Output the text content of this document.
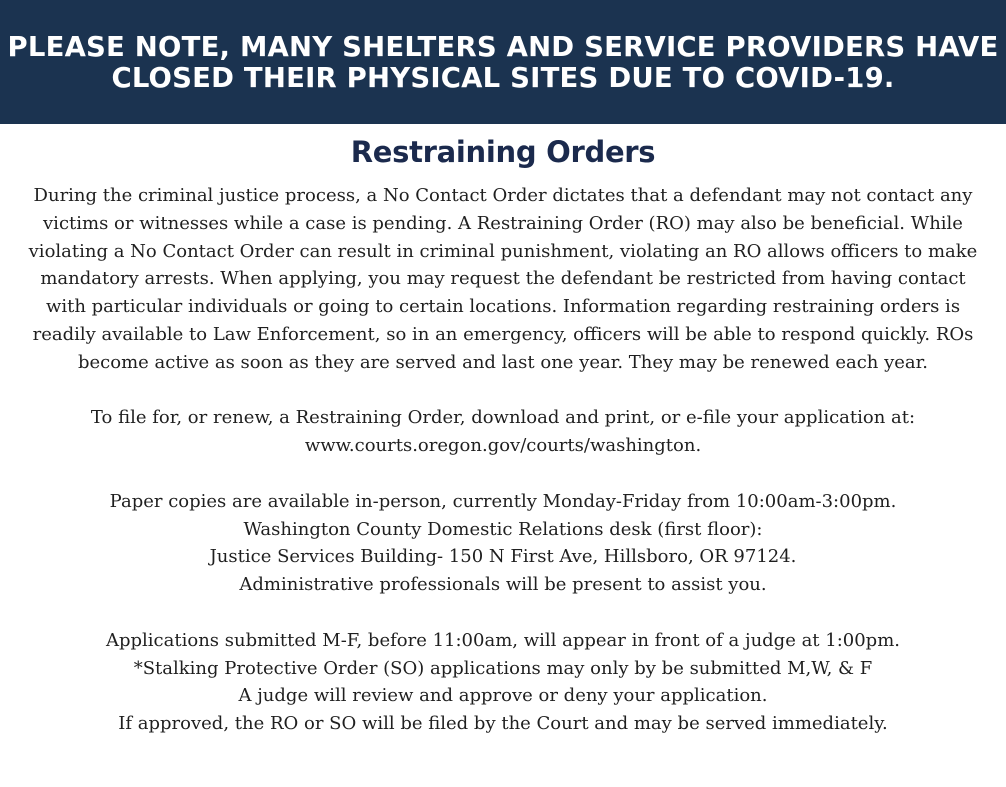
PLEASE NOTE, MANY SHELTERS AND SERVICE PROVIDERS HAVE
CLOSED THEIR PHYSICAL SITES DUE TO COVID-19.
Restraining Orders
During the criminal justice process, a No Contact Order dictates that a defendant may not contact any
victims or witnesses while a case is pending. A Restraining Order (RO) may also be beneficial. While
violating a No Contact Order can result in criminal punishment, violating an RO allows officers to make
mandatory arrests. When applying, you may request the defendant be restricted from having contact
with particular individuals or going to certain locations. Information regarding restraining orders is
readily available to Law Enforcement, so in an emergency, officers will be able to respond quickly. ROs
become active as soon as they are served and last one year. They may be renewed each year.
To file for, or renew, a Restraining Order, download and print, or e-file your application at:
www.courts.oregon.gov/courts/washington.
Paper copies are available in-person, currently Monday-Friday from 10:00am-3:00pm.
Washington County Domestic Relations desk (first floor):
Justice Services Building- 150 N First Ave, Hillsboro, OR 97124.
Administrative professionals will be present to assist you.
Applications submitted M-F, before 11:00am, will appear in front of a judge at 1:00pm.
*Stalking Protective Order (SO) applications may only by be submitted M,W, & F
A judge will review and approve or deny your application.
If approved, the RO or SO will be filed by the Court and may be served immediately.
